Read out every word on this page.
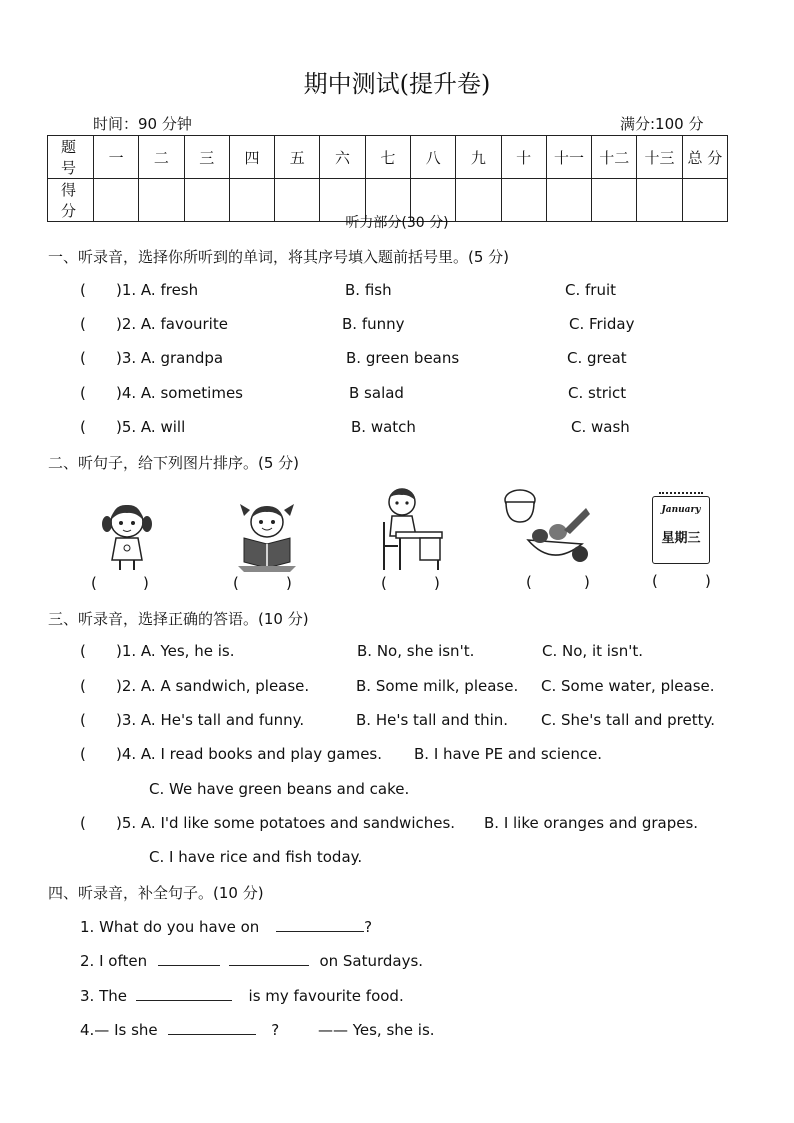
期中测试(提升卷)
时间：90 分钟	满分:100 分
题 号	一	二	三	四	五	六	七	八	九	十	十一	十二	十三	总 分
得 分														
听力部分(30 分)
一、听录音，选择你所听到的单词，将其序号填入题前括号里。(5 分)
( )1. A. fresh	B. fish	C. fruit
( )2. A. favourite	B. funny	C. Friday
( )3. A. grandpa	B. green beans	C. great
( )4. A. sometimes	B salad	C. strict
( )5. A. will	B. watch	C. wash
二、听句子，给下列图片排序。(5 分)
(	)	(	)	(	)	(	)
January
星期三
(	)
三、听录音，选择正确的答语。(10 分)
( )1. A. Yes, he is.	B. No, she isn't.	C. No, it isn't.
( )2. A. A sandwich, please.	B. Some milk, please. C. Some water, please.
( )3. A. He's tall and funny.	B. He's tall and thin. C. She's tall and pretty.
( )4. A. I read books and play games. B. I have PE and science.
C. We have green beans and cake.
( )5. A. I'd like some potatoes and sandwiches. B. I like oranges and grapes.
C. I have rice and fish today.
四、听录音，补全句子。(10 分)
1. What do you have on	?
2. I often	on Saturdays.
3. The	is my favourite food.
4.— Is she	?	—— Yes, she is.
